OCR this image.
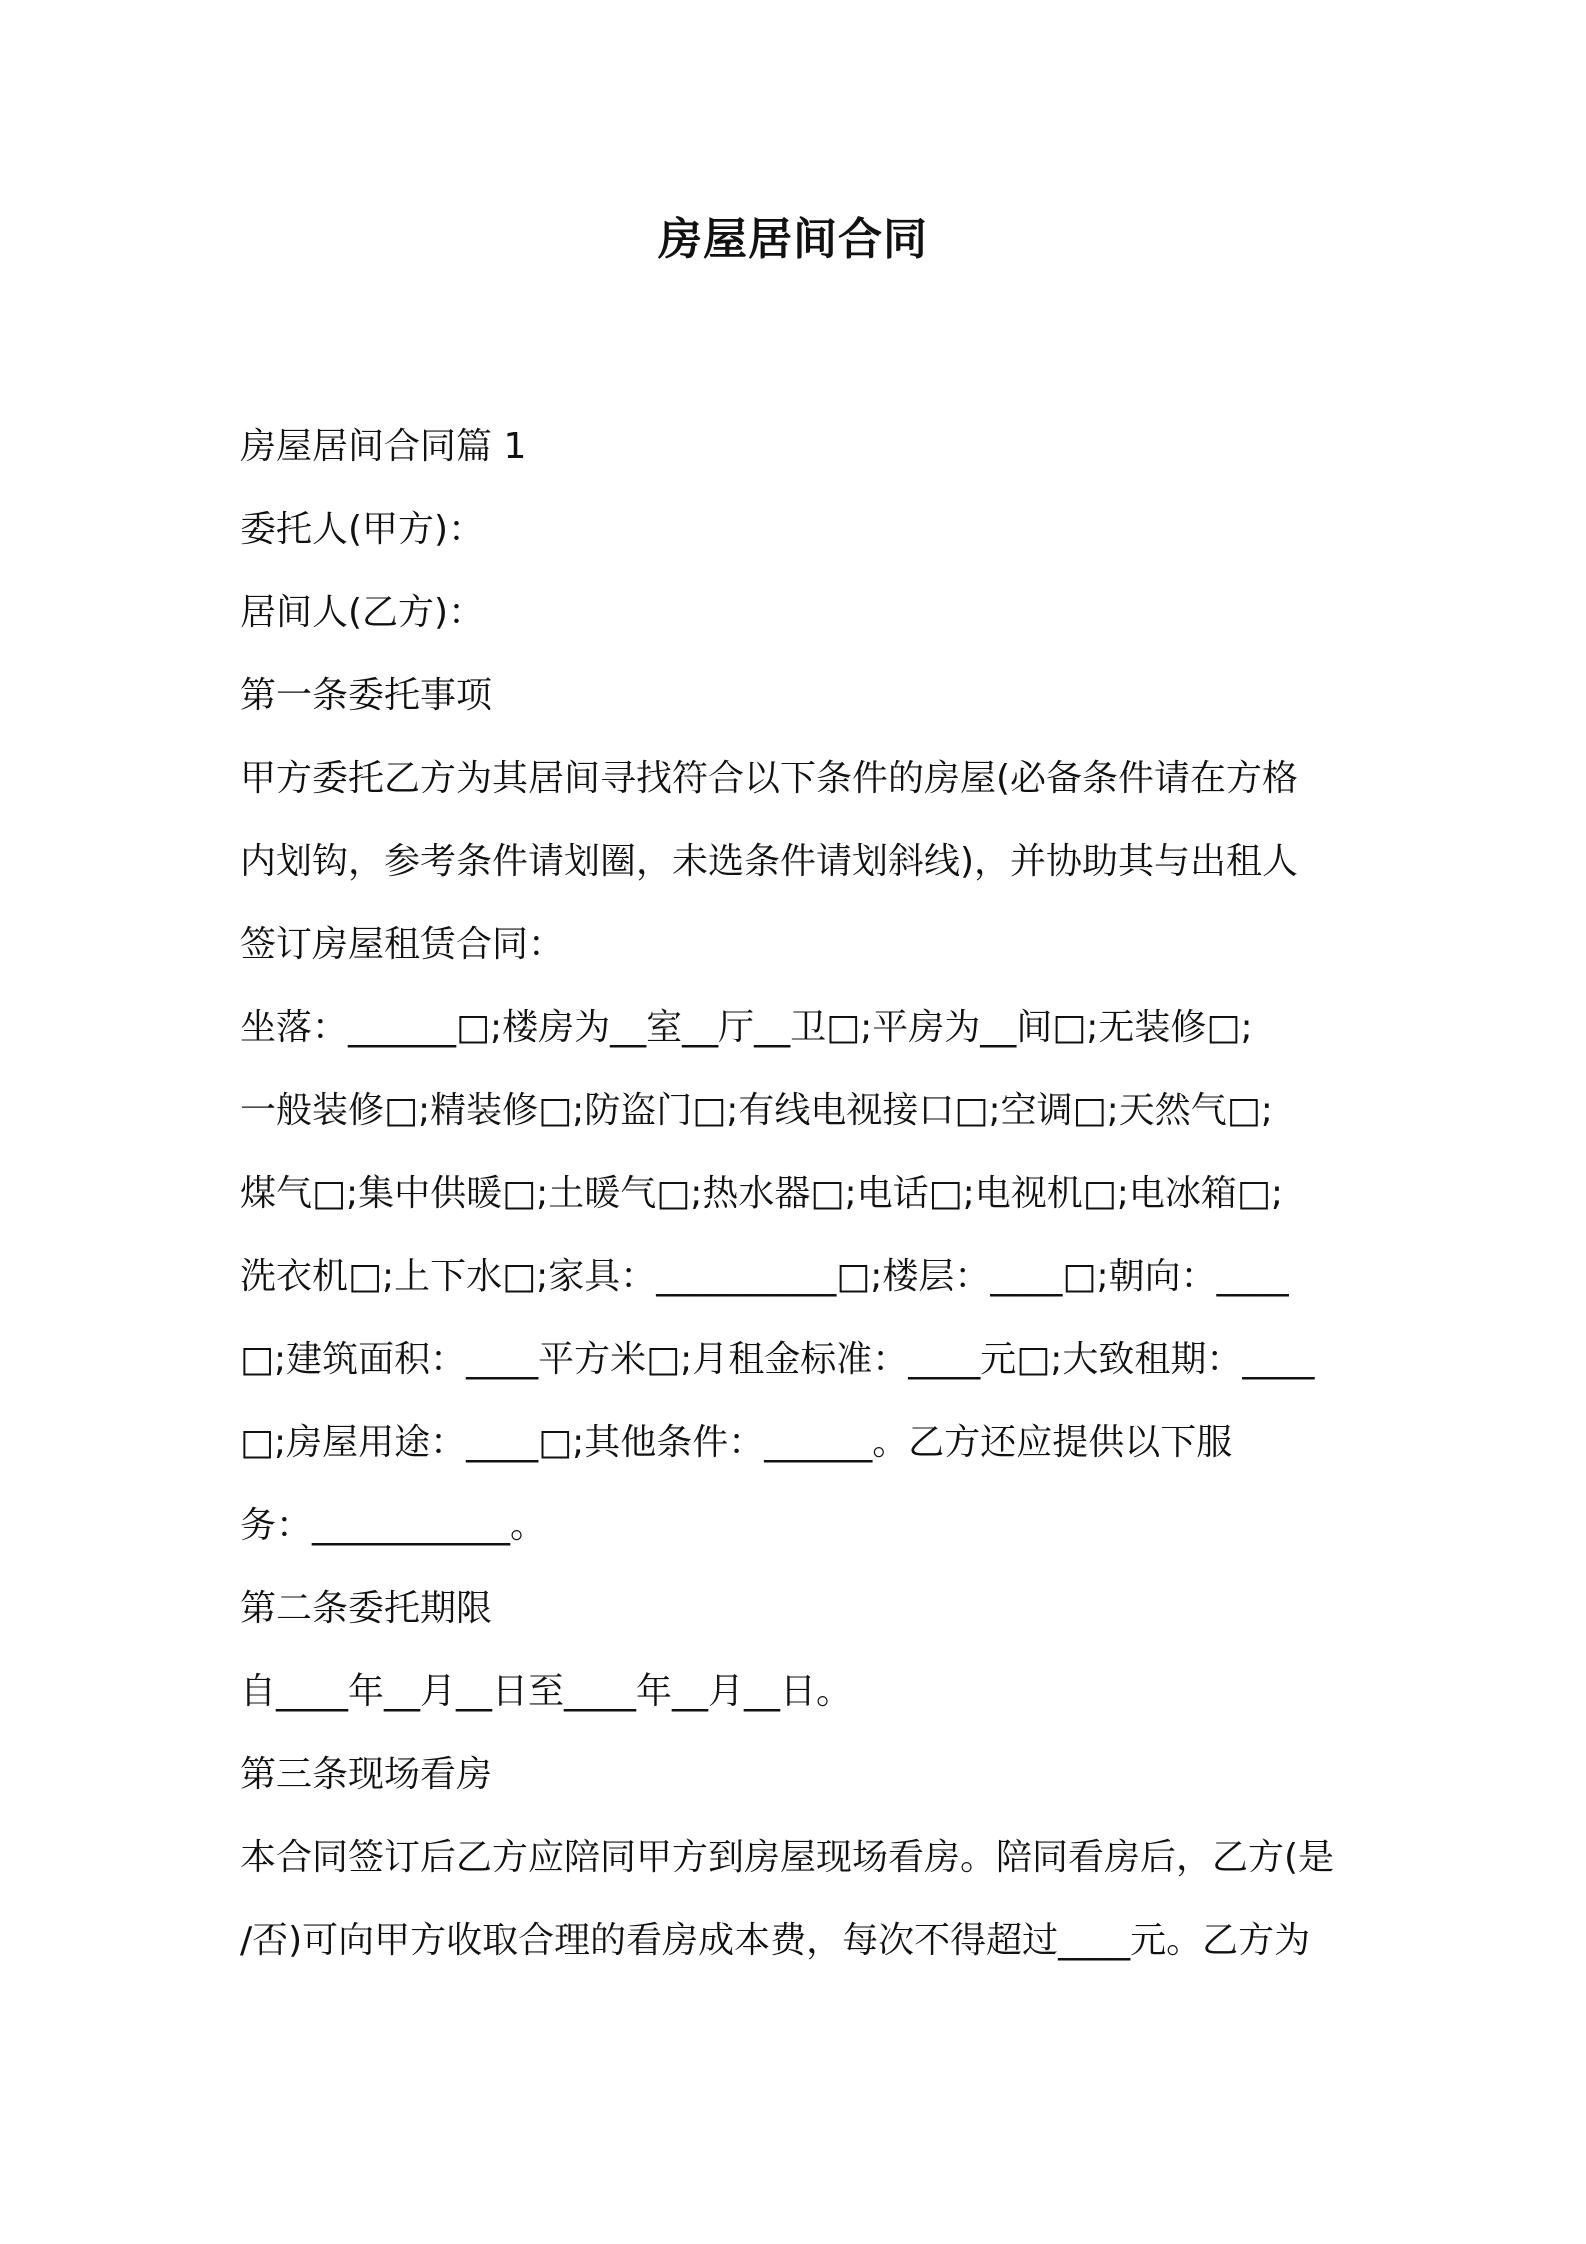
房屋居间合同
房屋居间合同篇 1
委托人(甲方)：
居间人(乙方)：
第一条委托事项
甲方委托乙方为其居间寻找符合以下条件的房屋(必备条件请在方格
内划钩，参考条件请划圈，未选条件请划斜线)，并协助其与出租人
签订房屋租赁合同：
坐落：______□;楼房为__室__厅__卫□;平房为__间□;无装修□;
一般装修□;精装修□;防盗门□;有线电视接口□;空调□;天然气□;
煤气□;集中供暖□;土暖气□;热水器□;电话□;电视机□;电冰箱□;
洗衣机□;上下水□;家具：__________□;楼层：____□;朝向：____
□;建筑面积：____平方米□;月租金标准：____元□;大致租期：____
□;房屋用途：____□;其他条件：______。乙方还应提供以下服
务：___________。
第二条委托期限
自____年__月__日至____年__月__日。
第三条现场看房
本合同签订后乙方应陪同甲方到房屋现场看房。陪同看房后，乙方(是
/否)可向甲方收取合理的看房成本费，每次不得超过____元。乙方为
